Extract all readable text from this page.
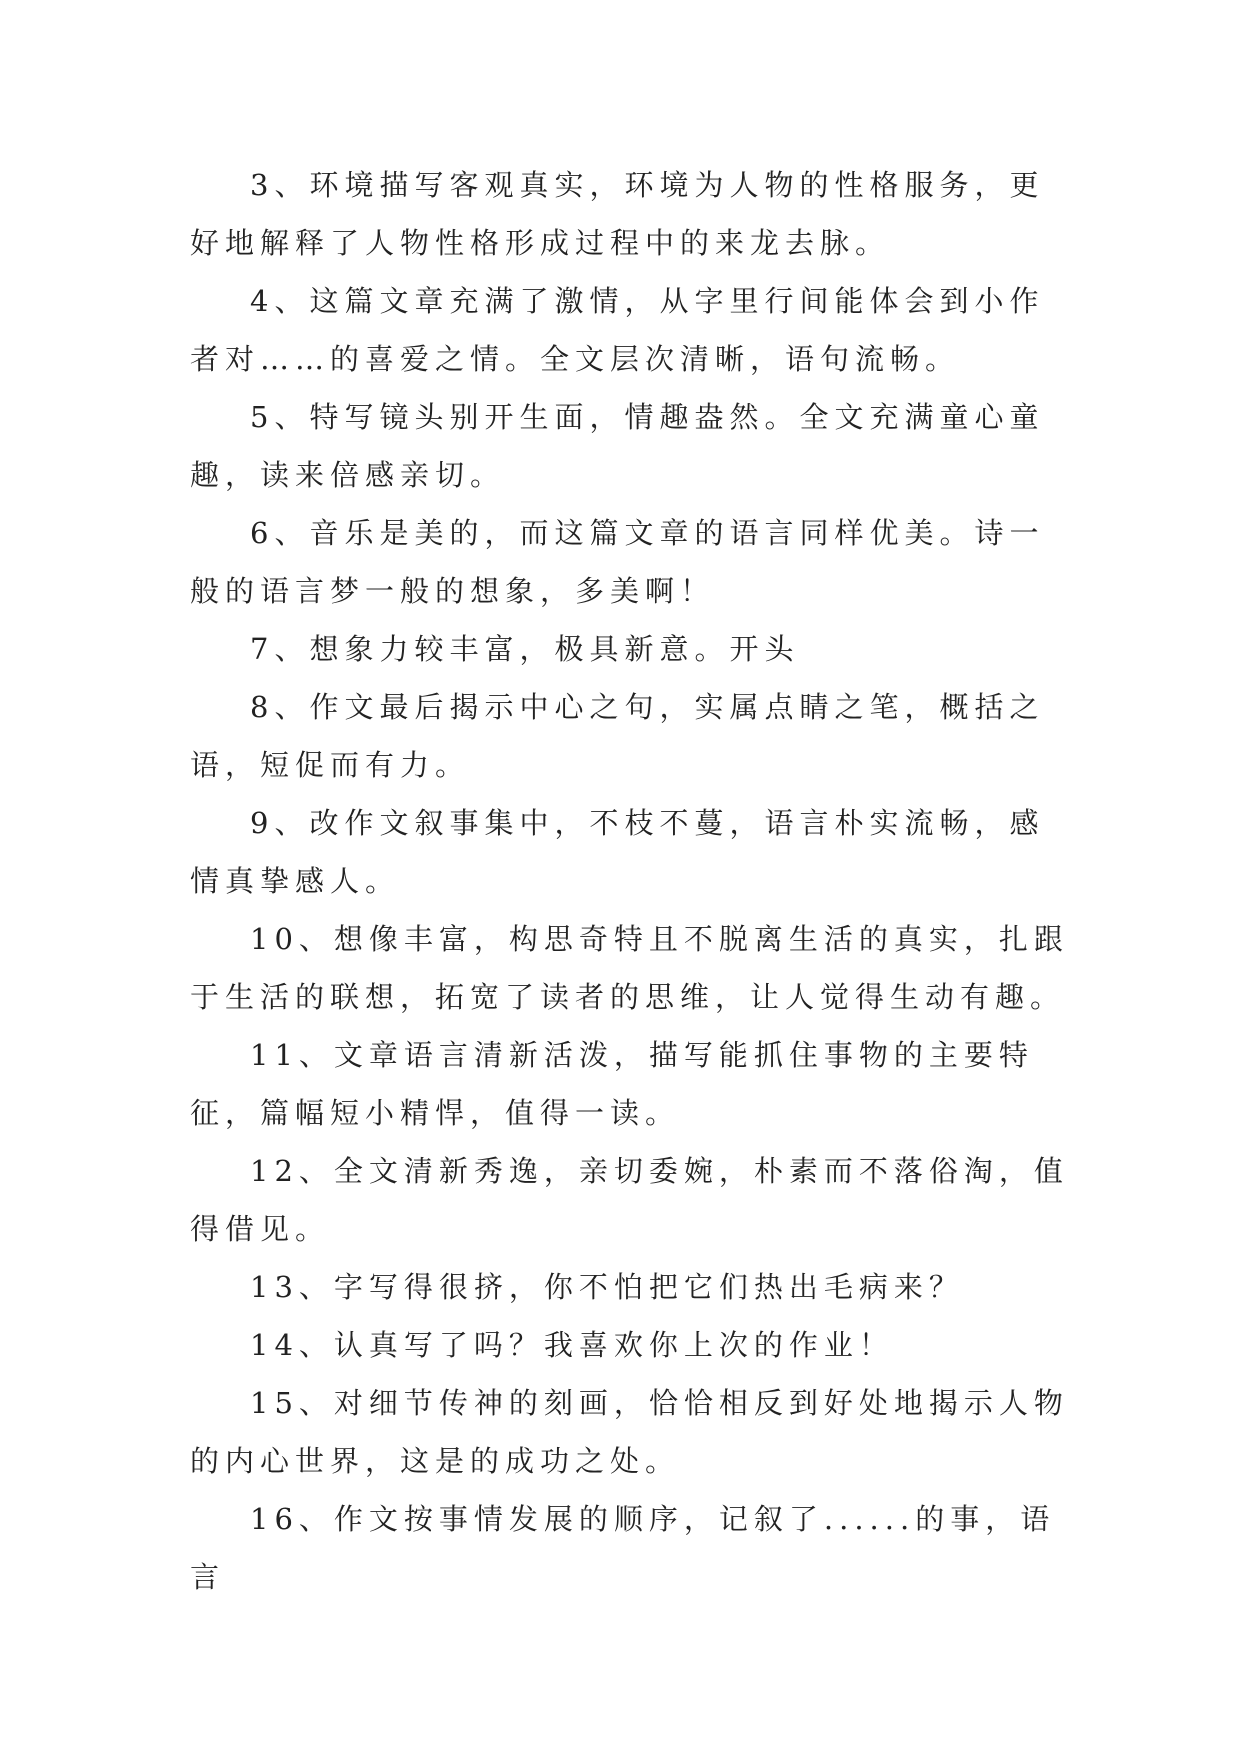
3、环境描写客观真实，环境为人物的性格服务，更好地解释了人物性格形成过程中的来龙去脉。

4、这篇文章充满了激情，从字里行间能体会到小作者对……的喜爱之情。全文层次清晰，语句流畅。

5、特写镜头别开生面，情趣盎然。全文充满童心童趣，读来倍感亲切。

6、音乐是美的，而这篇文章的语言同样优美。诗一般的语言梦一般的想象，多美啊！

7、想象力较丰富，极具新意。开头

8、作文最后揭示中心之句，实属点睛之笔，概括之语，短促而有力。

9、改作文叙事集中，不枝不蔓，语言朴实流畅，感情真挚感人。

10、想像丰富，构思奇特且不脱离生活的真实，扎跟于生活的联想，拓宽了读者的思维，让人觉得生动有趣。

11、文章语言清新活泼，描写能抓住事物的主要特征，篇幅短小精悍，值得一读。

12、全文清新秀逸，亲切委婉，朴素而不落俗淘，值得借见。

13、字写得很挤，你不怕把它们热出毛病来？

14、认真写了吗？我喜欢你上次的作业！

15、对细节传神的刻画，恰恰相反到好处地揭示人物的内心世界，这是的成功之处。

16、作文按事情发展的顺序，记叙了......的事，语言
